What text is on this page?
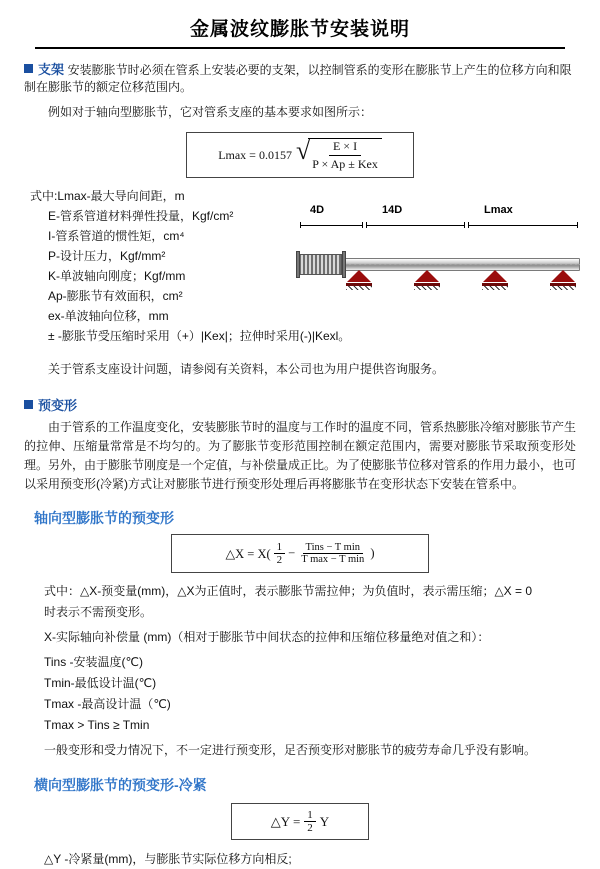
金属波纹膨胀节安装说明
支架 安装膨胀节时必须在管系上安装必要的支架，以控制管系的变形在膨胀节上产生的位移方向和限制在膨胀节的额定位移范围内。
例如对于轴向型膨胀节，它对管系支座的基本要求如图所示：
Lmax = 0.0157 √
$\frac{E \times I}{\text{P × Ap ± Kex}}$
式中:Lmax-最大导向间距，m
E-管系管道材料弹性投量，Kgf/cm²
I-管系管道的惯性矩，cm⁴
P-设计压力，Kgf/mm²
K-单波轴向刚度；Kgf/mm
Ap-膨胀节有效面积，cm²
ex-单波轴向位移，mm
± -膨胀节受压缩时采用（+）|Kex|；拉伸时采用(-)|Kexl。
4D	14D	Lmax
关于管系支座设计问题，请参阅有关资料，本公司也为用户提供咨询服务。
预变形
由于管系的工作温度变化，安装膨胀节时的温度与工作时的温度不同，管系热膨胀冷缩对膨胀节产生的拉伸、压缩量常常是不均匀的。为了膨胀节变形范围控制在额定范围内，需要对膨胀节采取预变形处理。另外，由于膨胀节刚度是一个定值，与补偿量成正比。为了使膨胀节位移对管系的作用力最小，也可以采用预变形(冷紧)方式让对膨胀节进行预变形处理后再将膨胀节在变形状态下安装在管系中。
轴向型膨胀节的预变形
△X = $X( \frac{1}{2}$ − Tins − T min
T max − T min )
式中：△X-预变量(mm)，△X为正值时，表示膨胀节需拉伸；为负值时，表示需压缩；△X = 0时表示不需预变形。
X-实际轴向补偿量 (mm)（相对于膨胀节中间状态的拉伸和压缩位移量绝对值之和）：
Tins -安装温度(℃)
Tmin-最低设计温(℃)
Tmax -最高设计温（℃)
Tmax > Tins ≥ Tmin
一般变形和受力情况下，不一定进行预变形，足否预变形对膨胀节的疲劳寿命几乎没有影响。
横向型膨胀节的预变形-冷紧
△Y = $\frac{1}{2}$ Y
△Y -冷紧量(mm)，与膨胀节实际位移方向相反;
